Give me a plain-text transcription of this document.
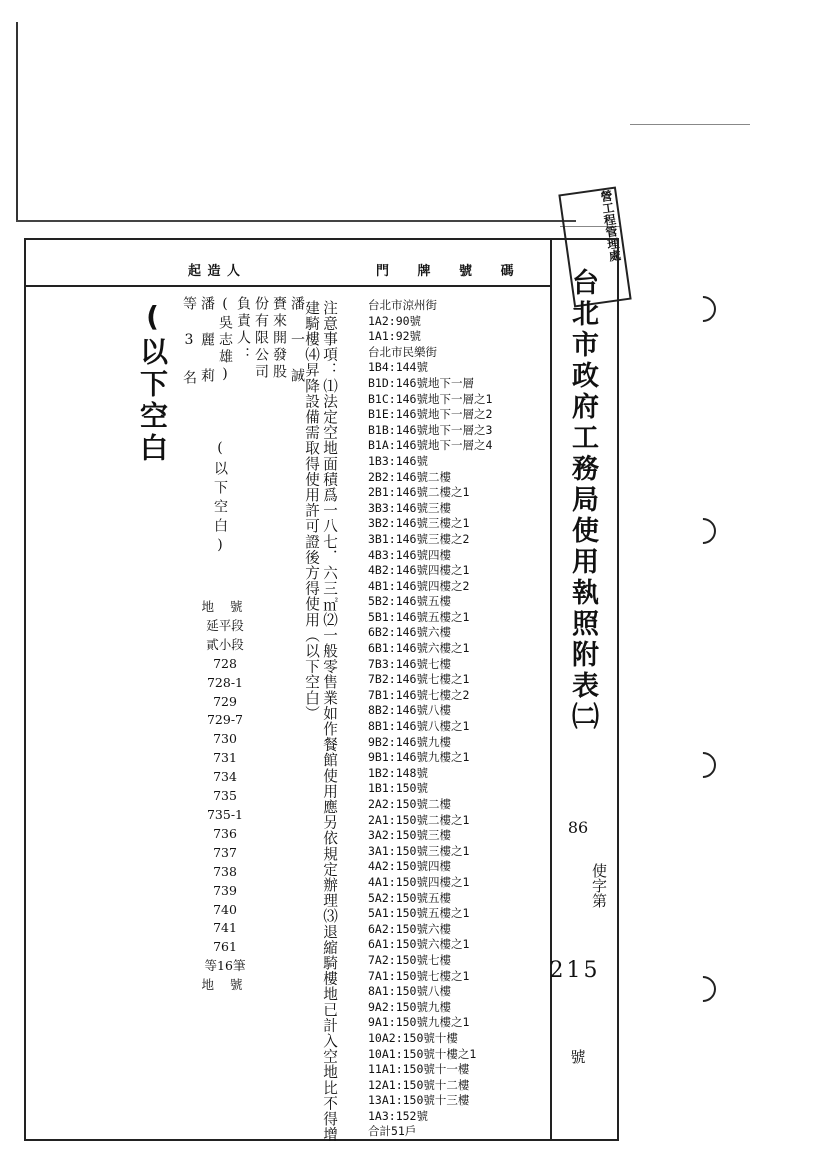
營工程管理處
起 造 人	門 牌 號 碼	台北市政府工務局使用執照附表㈡
86
使字第
215
號
台北市涼州街
1A2:90號
1A1:92號
台北市民樂街
1B4:144號
B1D:146號地下一層
B1C:146號地下一層之1
B1E:146號地下一層之2
B1B:146號地下一層之3
B1A:146號地下一層之4
1B3:146號
2B2:146號二樓
2B1:146號二樓之1
3B3:146號三樓
3B2:146號三樓之1
3B1:146號三樓之2
4B3:146號四樓
4B2:146號四樓之1
4B1:146號四樓之2
5B2:146號五樓
5B1:146號五樓之1
6B2:146號六樓
6B1:146號六樓之1
7B3:146號七樓
7B2:146號七樓之1
7B1:146號七樓之2
8B2:146號八樓
8B1:146號八樓之1
9B2:146號九樓
9B1:146號九樓之1
1B2:148號
1B1:150號
2A2:150號二樓
2A1:150號二樓之1
3A2:150號三樓
3A1:150號三樓之1
4A2:150號四樓
4A1:150號四樓之1
5A2:150號五樓
5A1:150號五樓之1
6A2:150號六樓
6A1:150號六樓之1
7A2:150號七樓
7A1:150號七樓之1
8A1:150號八樓
9A2:150號九樓
9A1:150號九樓之1
10A2:150號十樓
10A1:150號十樓之1
11A1:150號十一樓
12A1:150號十二樓
13A1:150號十三樓
1A3:152號
合計51戶
注意事項：⑴法定空地面積爲一八七．六三㎡⑵一般零售業如作餐館使用應另依規定辦理⑶退縮騎樓地已計入空地比不得增
建騎樓⑷昇降設備需取得使用許可證後方得使用（以下空白）
潘 一 誠
賚來開發股
份有限公司
負責人：
(吳志雄)
潘 麗 莉
等 3 名
(以下空白)
(以下空白
地 號
延平段
貳小段
728
728-1
729
729-7
730
731
734
735
735-1
736
737
738
739
740
741
761
等16筆
地 號
